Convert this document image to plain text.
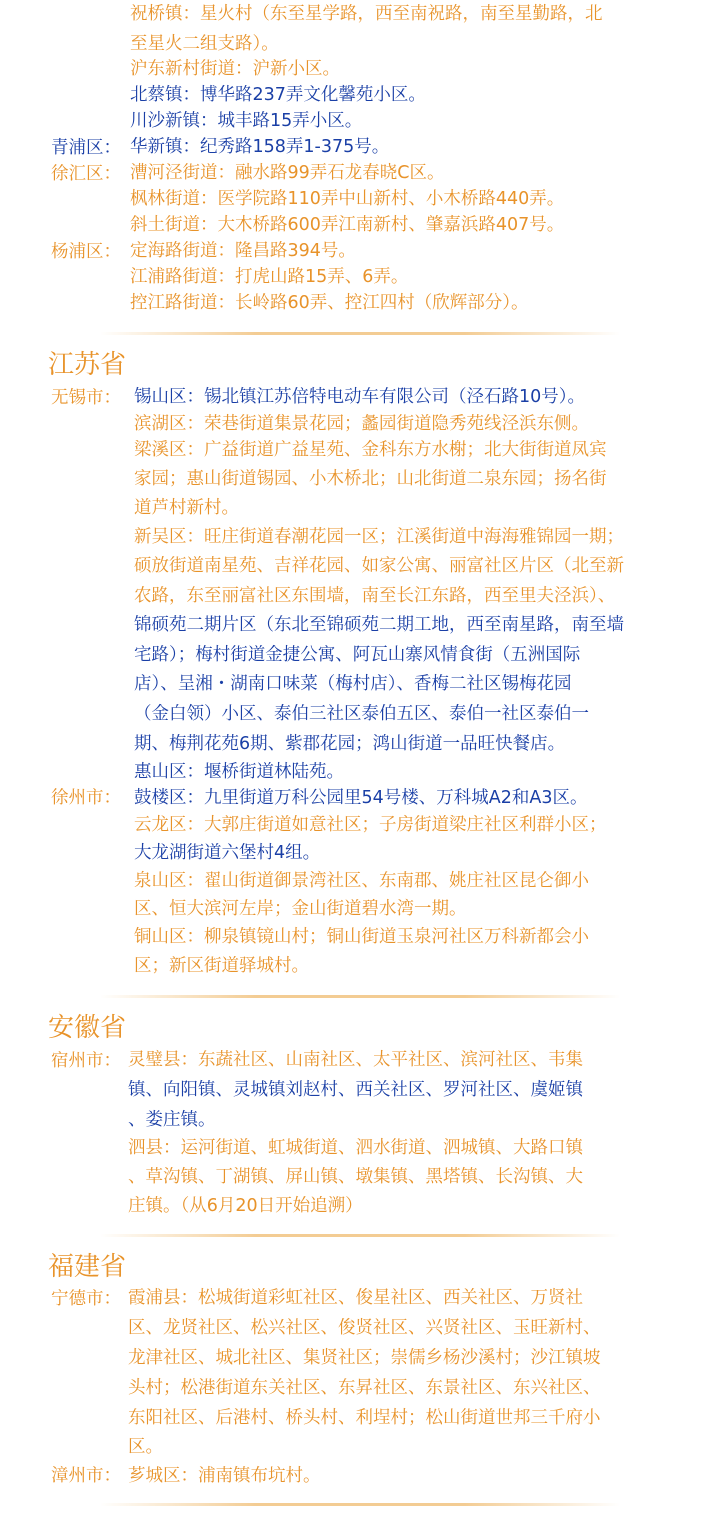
祝桥镇：星火村（东至星学路，西至南祝路，南至星勤路，北
至星火二组支路）。
沪东新村街道：沪新小区。
北蔡镇：博华路237弄文化馨苑小区。
川沙新镇：城丰路15弄小区。
青浦区： 华新镇：纪秀路158弄1-375号。
徐汇区： 漕河泾街道：融水路99弄石龙春晓C区。
枫林街道：医学院路110弄中山新村、小木桥路440弄。
斜土街道：大木桥路600弄江南新村、肇嘉浜路407号。
杨浦区： 定海路街道：隆昌路394号。
江浦路街道：打虎山路15弄、6弄。
控江路街道：长岭路60弄、控江四村（欣辉部分）。
江苏省
无锡市： 锡山区：锡北镇江苏倍特电动车有限公司（泾石路10号）。
滨湖区：荣巷街道集景花园；蠡园街道隐秀苑线泾浜东侧。
梁溪区：广益街道广益星苑、金科东方水榭；北大街街道凤宾
家园；惠山街道锡园、小木桥北；山北街道二泉东园；扬名街
道芦村新村。
新吴区：旺庄街道春潮花园一区；江溪街道中海海雅锦园一期；
硕放街道南星苑、吉祥花园、如家公寓、丽富社区片区（北至新
农路，东至丽富社区东围墙，南至长江东路，西至里夫泾浜）、
锦硕苑二期片区（东北至锦硕苑二期工地，西至南星路，南至墙
宅路）；梅村街道金捷公寓、阿瓦山寨风情食街（五洲国际
店）、呈湘・湖南口味菜（梅村店）、香梅二社区锡梅花园
（金白领）小区、泰伯三社区泰伯五区、泰伯一社区泰伯一
期、梅荆花苑6期、紫郡花园；鸿山街道一品旺快餐店。
惠山区：堰桥街道林陆苑。
徐州市： 鼓楼区：九里街道万科公园里54号楼、万科城A2和A3区。
云龙区：大郭庄街道如意社区；子房街道梁庄社区利群小区；
大龙湖街道六堡村4组。
泉山区：翟山街道御景湾社区、东南郡、姚庄社区昆仑御小
区、恒大滨河左岸；金山街道碧水湾一期。
铜山区：柳泉镇镜山村；铜山街道玉泉河社区万科新都会小
区；新区街道驿城村。
安徽省
宿州市： 灵璧县：东蔬社区、山南社区、太平社区、滨河社区、韦集
镇、向阳镇、灵城镇刘赵村、西关社区、罗河社区、虞姬镇
、娄庄镇。
泗县：运河街道、虹城街道、泗水街道、泗城镇、大路口镇
、草沟镇、丁湖镇、屏山镇、墩集镇、黑塔镇、长沟镇、大
庄镇。（从6月20日开始追溯）
福建省
宁德市： 霞浦县：松城街道彩虹社区、俊星社区、西关社区、万贤社
区、龙贤社区、松兴社区、俊贤社区、兴贤社区、玉旺新村、
龙津社区、城北社区、集贤社区；崇儒乡杨沙溪村；沙江镇坡
头村；松港街道东关社区、东昇社区、东景社区、东兴社区、
东阳社区、后港村、桥头村、利埕村；松山街道世邦三千府小
区。
漳州市： 芗城区：浦南镇布坑村。
